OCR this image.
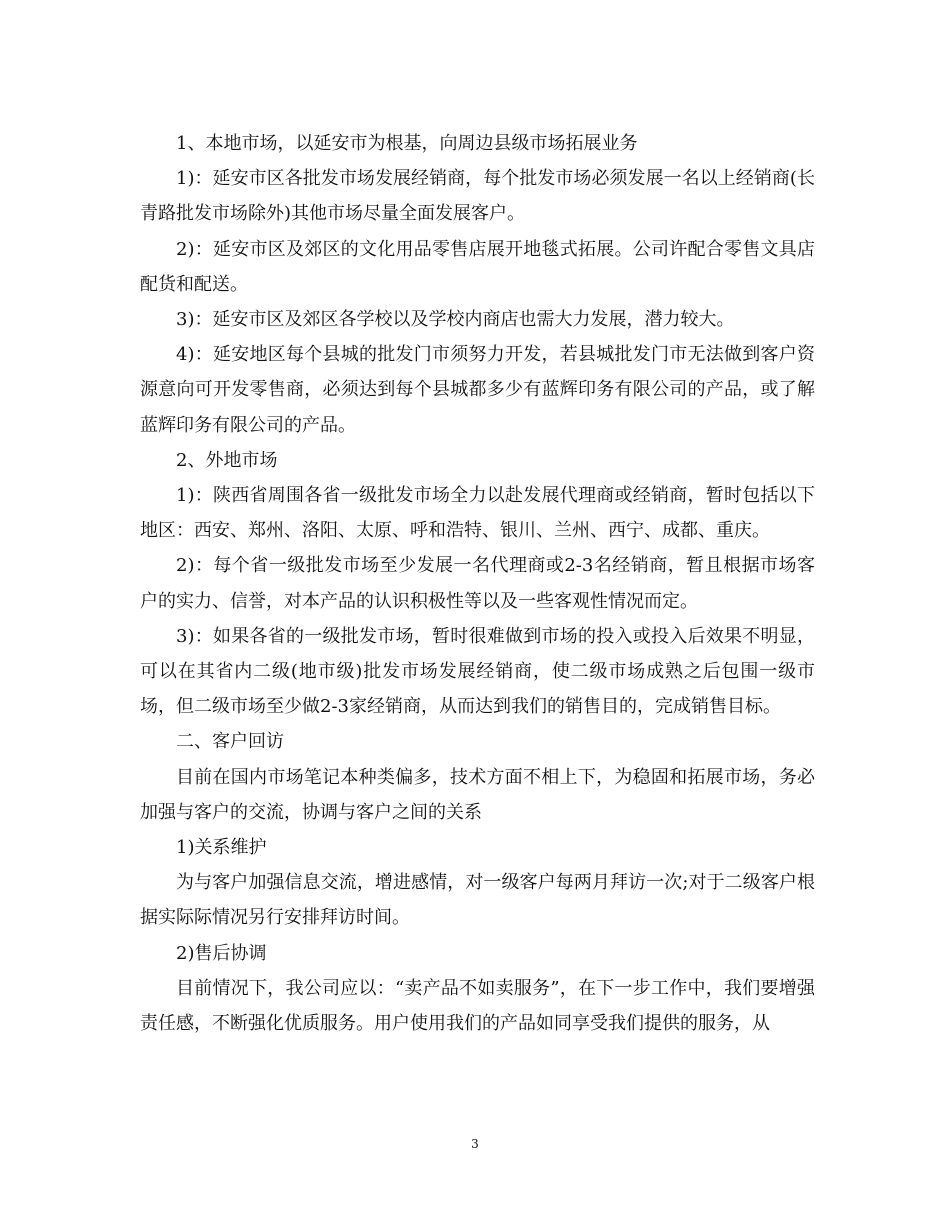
1、本地市场，以延安市为根基，向周边县级市场拓展业务

1)：延安市区各批发市场发展经销商，每个批发市场必须发展一名以上经销商(长青路批发市场除外)其他市场尽量全面发展客户。

2)：延安市区及郊区的文化用品零售店展开地毯式拓展。公司许配合零售文具店配货和配送。

3)：延安市区及郊区各学校以及学校内商店也需大力发展，潜力较大。

4)：延安地区每个县城的批发门市须努力开发，若县城批发门市无法做到客户资源意向可开发零售商，必须达到每个县城都多少有蓝辉印务有限公司的产品，或了解蓝辉印务有限公司的产品。

2、外地市场

1)：陕西省周围各省一级批发市场全力以赴发展代理商或经销商，暂时包括以下地区：西安、郑州、洛阳、太原、呼和浩特、银川、兰州、西宁、成都、重庆。

2)：每个省一级批发市场至少发展一名代理商或2-3名经销商，暂且根据市场客户的实力、信誉，对本产品的认识积极性等以及一些客观性情况而定。

3)：如果各省的一级批发市场，暂时很难做到市场的投入或投入后效果不明显，可以在其省内二级(地市级)批发市场发展经销商，使二级市场成熟之后包围一级市场，但二级市场至少做2-3家经销商，从而达到我们的销售目的，完成销售目标。

二、客户回访

目前在国内市场笔记本种类偏多，技术方面不相上下，为稳固和拓展市场，务必加强与客户的交流，协调与客户之间的关系

1)关系维护

为与客户加强信息交流，增进感情，对一级客户每两月拜访一次;对于二级客户根据实际际情况另行安排拜访时间。

2)售后协调

目前情况下，我公司应以：“卖产品不如卖服务”，在下一步工作中，我们要增强责任感，不断强化优质服务。用户使用我们的产品如同享受我们提供的服务，从

3
